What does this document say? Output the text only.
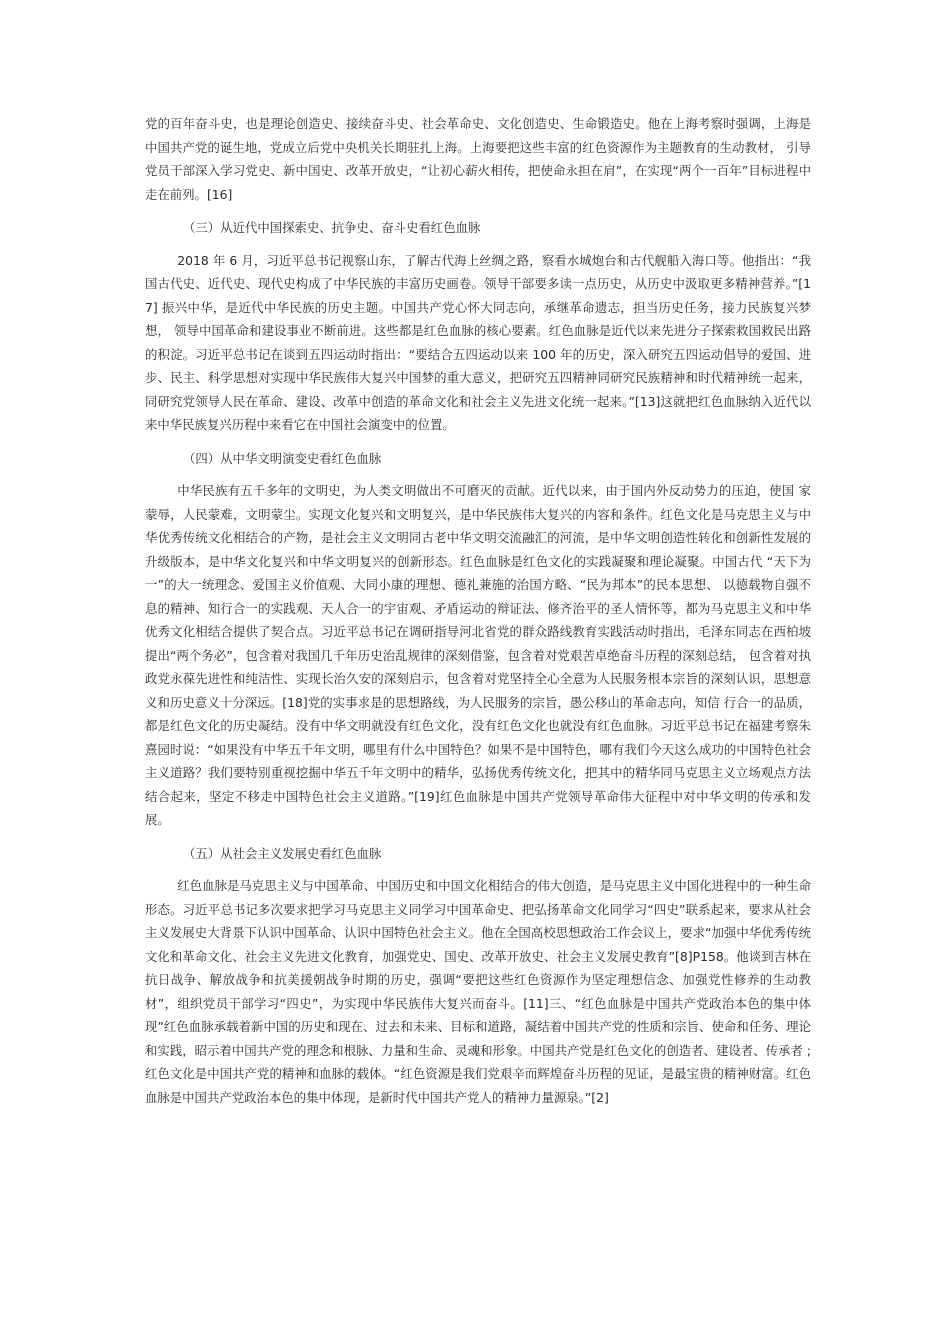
党的百年奋斗史，也是理论创造史、接续奋斗史、社会革命史、文化创造史、生命锻造史。他在上海考察时强调，上海是中国共产党的诞生地，党成立后党中央机关长期驻扎上海。上海要把这些丰富的红色资源作为主题教育的生动教材， 引导党员干部深入学习党史、新中国史、改革开放史，“让初心薪火相传，把使命永担在肩”，在实现“两个一百年”目标进程中走在前列。[16]

（三）从近代中国探索史、抗争史、奋斗史看红色血脉

2018 年 6 月，习近平总书记视察山东，了解古代海上丝绸之路，察看水城炮台和古代舰船入海口等。他指出：“我国古代史、近代史、现代史构成了中华民族的丰富历史画卷。领导干部要多读一点历史，从历史中汲取更多精神营养。”[17] 振兴中华，是近代中华民族的历史主题。中国共产党心怀大同志向，承继革命遗志，担当历史任务，接力民族复兴梦想， 领导中国革命和建设事业不断前进。这些都是红色血脉的核心要素。红色血脉是近代以来先进分子探索救国救民出路的积淀。习近平总书记在谈到五四运动时指出：“要结合五四运动以来 100 年的历史，深入研究五四运动倡导的爱国、进步、民主、科学思想对实现中华民族伟大复兴中国梦的重大意义，把研究五四精神同研究民族精神和时代精神统一起来， 同研究党领导人民在革命、建设、改革中创造的革命文化和社会主义先进文化统一起来。”[13]这就把红色血脉纳入近代以来中华民族复兴历程中来看它在中国社会演变中的位置。

（四）从中华文明演变史看红色血脉

中华民族有五千多年的文明史，为人类文明做出不可磨灭的贡献。近代以来，由于国内外反动势力的压迫，使国 家蒙辱，人民蒙难，文明蒙尘。实现文化复兴和文明复兴，是中华民族伟大复兴的内容和条件。红色文化是马克思主义与中华优秀传统文化相结合的产物，是社会主义文明同古老中华文明交流融汇的河流，是中华文明创造性转化和创新性发展的升级版本，是中华文化复兴和中华文明复兴的创新形态。红色血脉是红色文化的实践凝聚和理论凝聚。中国古代 “天下为一”的大一统理念、爱国主义价值观、大同小康的理想、德礼兼施的治国方略、“民为邦本”的民本思想、 以德载物自强不息的精神、知行合一的实践观、天人合一的宇宙观、矛盾运动的辩证法、修齐治平的圣人情怀等，都为马克思主义和中华优秀文化相结合提供了契合点。习近平总书记在调研指导河北省党的群众路线教育实践活动时指出，毛泽东同志在西柏坡提出“两个务必”，包含着对我国几千年历史治乱规律的深刻借鉴，包含着对党艰苦卓绝奋斗历程的深刻总结， 包含着对执政党永葆先进性和纯洁性、实现长治久安的深刻启示，包含着对党坚持全心全意为人民服务根本宗旨的深刻认识，思想意义和历史意义十分深远。[18]党的实事求是的思想路线，为人民服务的宗旨，愚公移山的革命志向，知信 行合一的品质，都是红色文化的历史凝结。没有中华文明就没有红色文化，没有红色文化也就没有红色血脉。习近平总书记在福建考察朱熹园时说：“如果没有中华五千年文明，哪里有什么中国特色？如果不是中国特色，哪有我们今天这么成功的中国特色社会主义道路？我们要特别重视挖掘中华五千年文明中的精华，弘扬优秀传统文化，把其中的精华同马克思主义立场观点方法结合起来，坚定不移走中国特色社会主义道路。”[19]红色血脉是中国共产党领导革命伟大征程中对中华文明的传承和发展。

（五）从社会主义发展史看红色血脉

红色血脉是马克思主义与中国革命、中国历史和中国文化相结合的伟大创造，是马克思主义中国化进程中的一种生命形态。习近平总书记多次要求把学习马克思主义同学习中国革命史、把弘扬革命文化同学习“四史”联系起来，要求从社会主义发展史大背景下认识中国革命、认识中国特色社会主义。他在全国高校思想政治工作会议上，要求“加强中华优秀传统文化和革命文化、社会主义先进文化教育，加强党史、国史、改革开放史、社会主义发展史教育”[8]P158。他谈到吉林在抗日战争、解放战争和抗美援朝战争时期的历史，强调“要把这些红色资源作为坚定理想信念、加强党性修养的生动教材”，组织党员干部学习“四史”，为实现中华民族伟大复兴而奋斗。[11]三、“红色血脉是中国共产党政治本色的集中体现”红色血脉承载着新中国的历史和现在、过去和未来、目标和道路，凝结着中国共产党的性质和宗旨、使命和任务、理论和实践，昭示着中国共产党的理念和根脉、力量和生命、灵魂和形象。中国共产党是红色文化的创造者、建设者、传承者 ;红色文化是中国共产党的精神和血脉的载体。“红色资源是我们党艰辛而辉煌奋斗历程的见证，是最宝贵的精神财富。红色血脉是中国共产党政治本色的集中体现，是新时代中国共产党人的精神力量源泉。”[2]
